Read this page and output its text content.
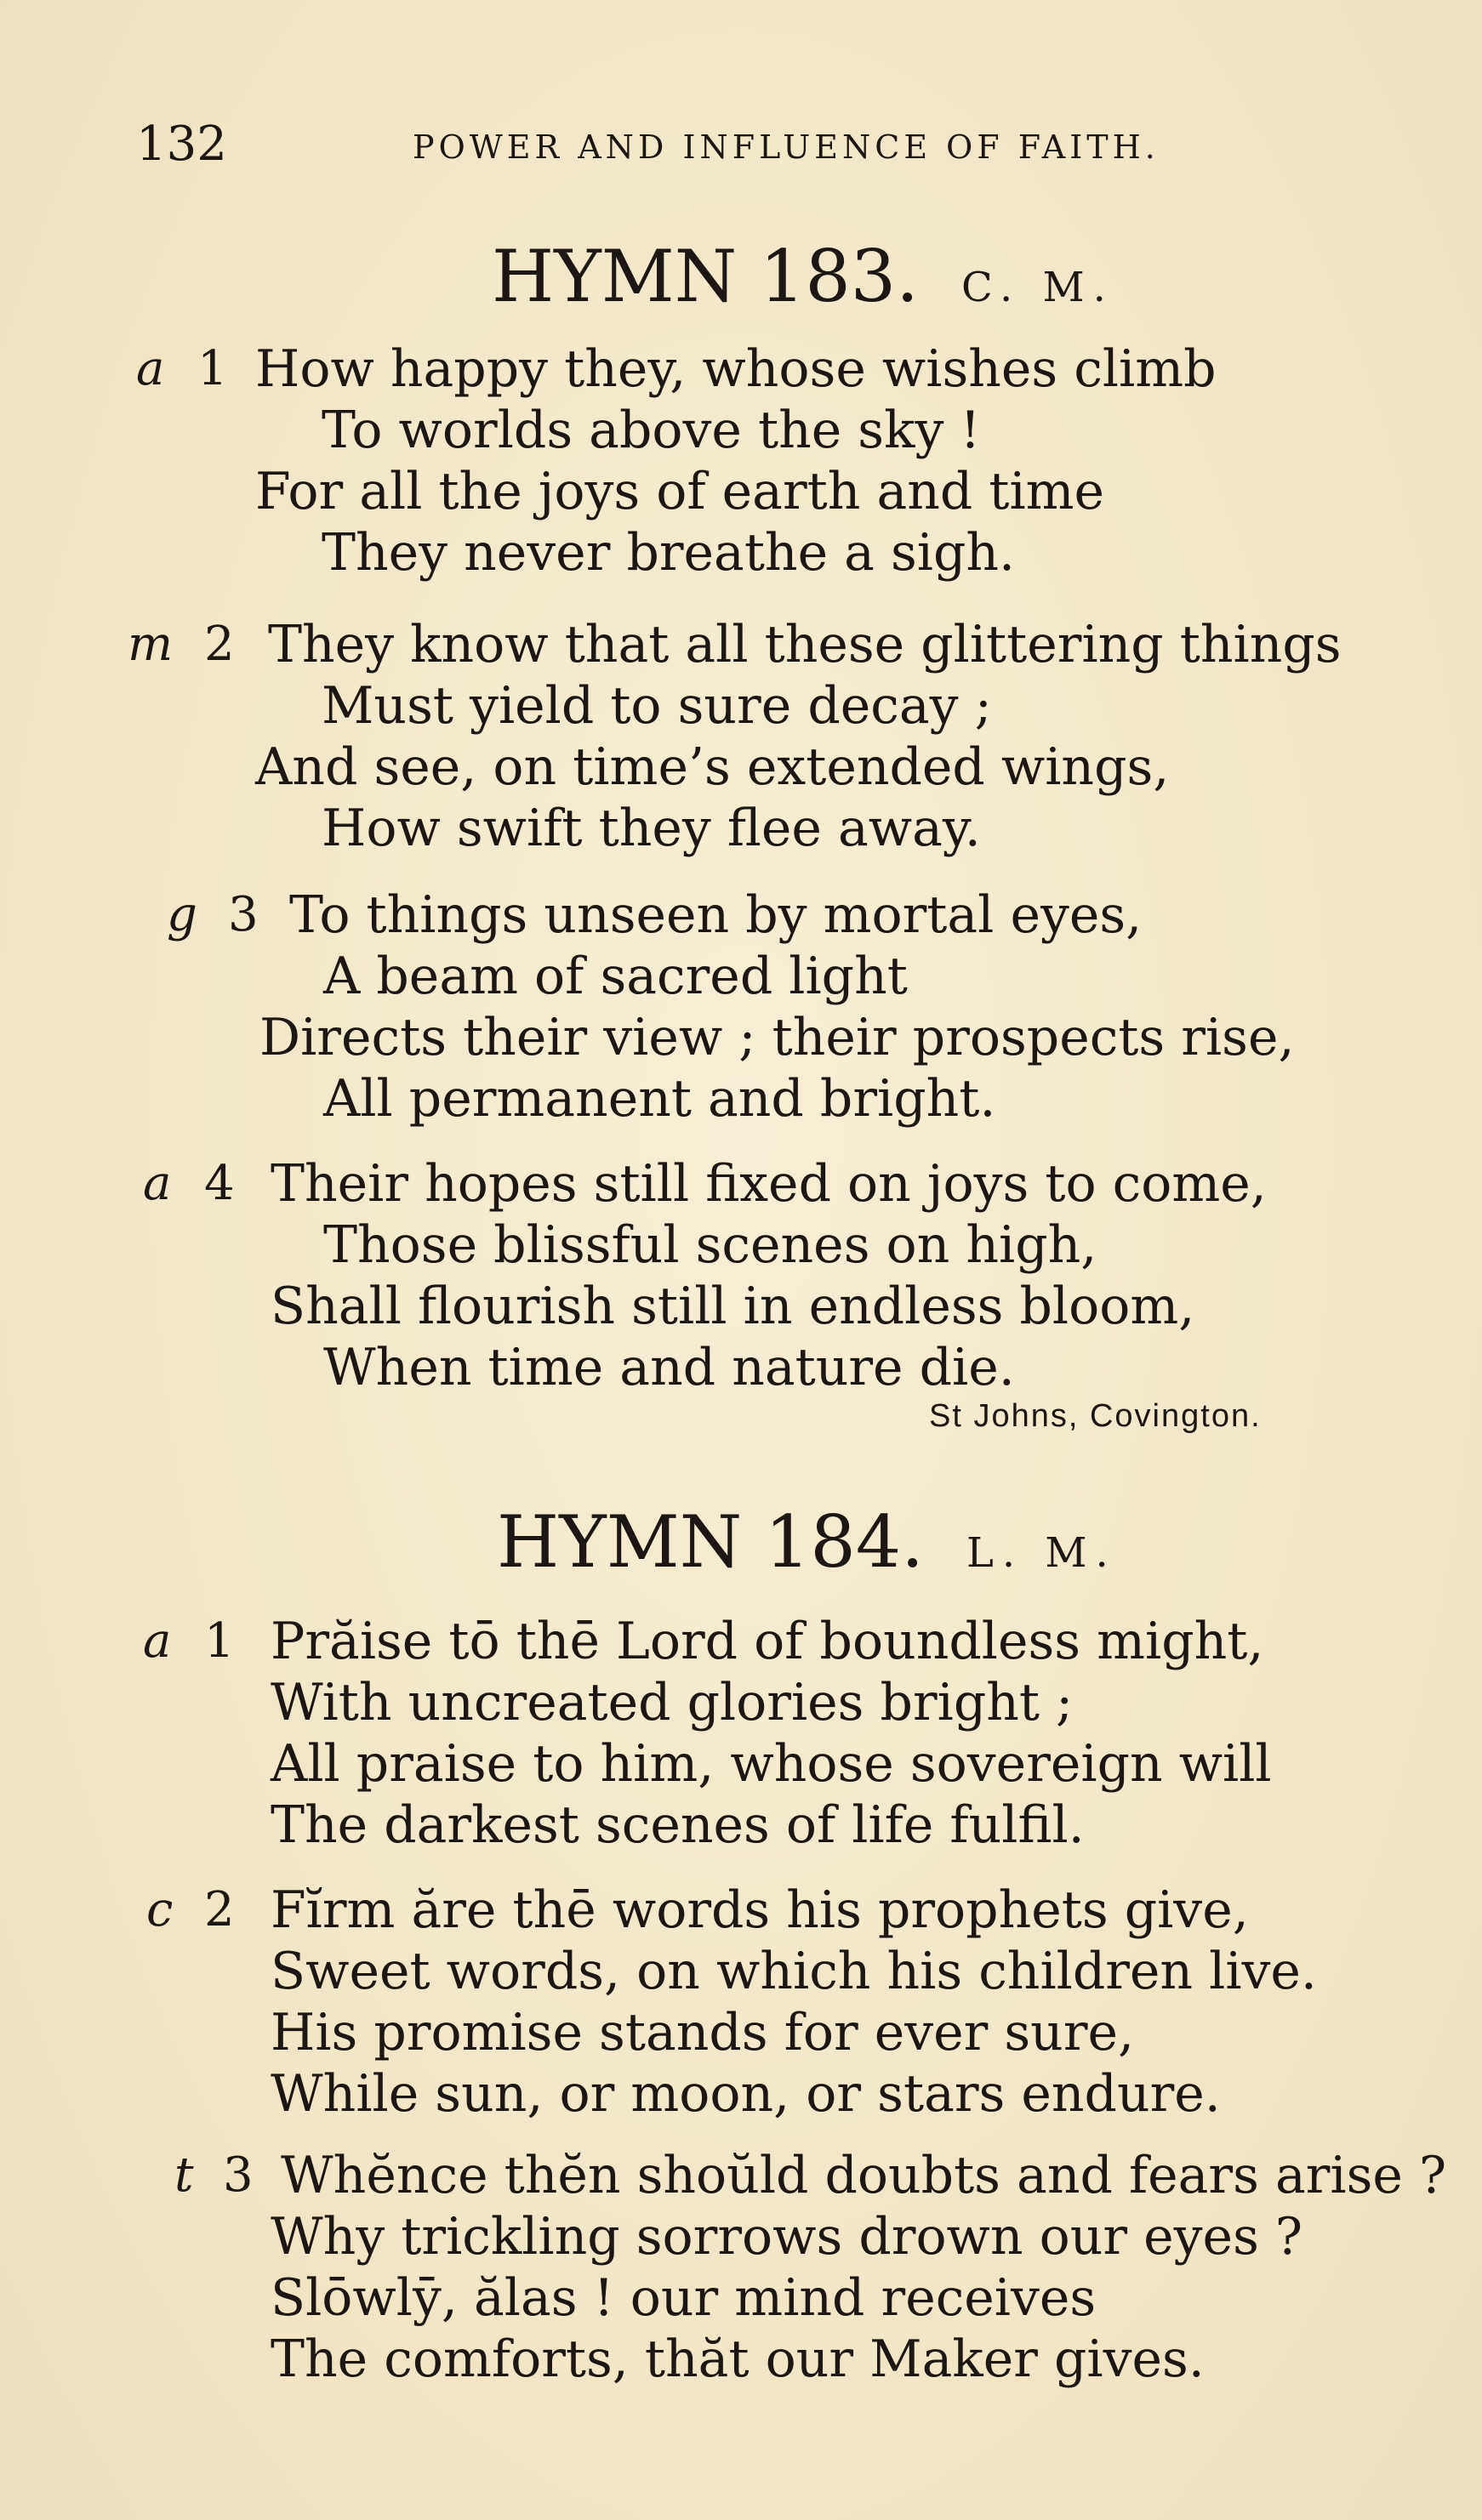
132	POWER AND INFLUENCE OF FAITH.
HYMN 183. C. M.
a 1 How happy they, whose wishes climb
To worlds above the sky !
For all the joys of earth and time
They never breathe a sigh.
m 2 They know that all these glittering things
Must yield to sure decay ;
And see, on time’s extended wings,
How swift they flee away.
g 3 To things unseen by mortal eyes,
A beam of sacred light
Directs their view ; their prospects rise,
All permanent and bright.
a 4 Their hopes still fixed on joys to come,
Those blissful scenes on high,
Shall flourish still in endless bloom,
When time and nature die.
St Johns, Covington.
HYMN 184. L. M.
a 1 Prăise tō thē Lord of boundless might,
With uncreated glories bright ;
All praise to him, whose sovereign will
The darkest scenes of life fulfil.
c 2 Fĭrm ăre thē words his prophets give,
Sweet words, on which his children live.
His promise stands for ever sure,
While sun, or moon, or stars endure.
t 3 Whĕnce thĕn shoŭld doubts and fears arise ?
Why trickling sorrows drown our eyes ?
Slōwlȳ, ălas ! our mind receives
The comforts, thăt our Maker gives.
